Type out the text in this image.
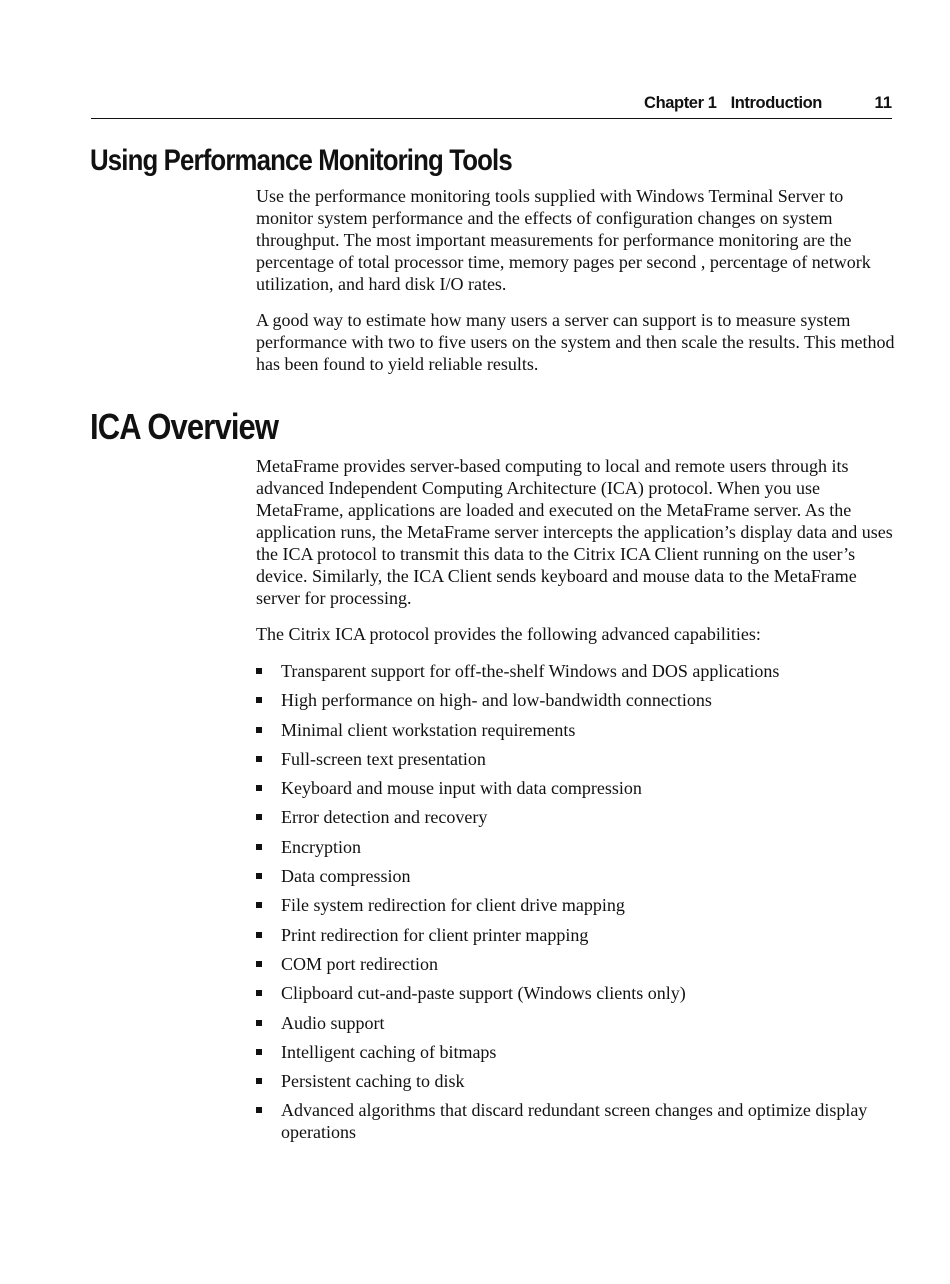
Chapter 1 Introduction	11
Using Performance Monitoring Tools

Use the performance monitoring tools supplied with Windows Terminal Server to monitor system performance and the effects of configuration changes on system throughput. The most important measurements for performance monitoring are the percentage of total processor time, memory pages per second , percentage of network utilization, and hard disk I/O rates.

A good way to estimate how many users a server can support is to measure system performance with two to five users on the system and then scale the results. This method has been found to yield reliable results.

ICA Overview

MetaFrame provides server-based computing to local and remote users through its advanced Independent Computing Architecture (ICA) protocol. When you use MetaFrame, applications are loaded and executed on the MetaFrame server. As the application runs, the MetaFrame server intercepts the application’s display data and uses the ICA protocol to transmit this data to the Citrix ICA Client running on the user’s device. Similarly, the ICA Client sends keyboard and mouse data to the MetaFrame server for processing.

The Citrix ICA protocol provides the following advanced capabilities:

Transparent support for off-the-shelf Windows and DOS applications
High performance on high- and low-bandwidth connections
Minimal client workstation requirements
Full-screen text presentation
Keyboard and mouse input with data compression
Error detection and recovery
Encryption
Data compression
File system redirection for client drive mapping
Print redirection for client printer mapping
COM port redirection
Clipboard cut-and-paste support (Windows clients only)
Audio support
Intelligent caching of bitmaps
Persistent caching to disk
Advanced algorithms that discard redundant screen changes and optimize display operations
